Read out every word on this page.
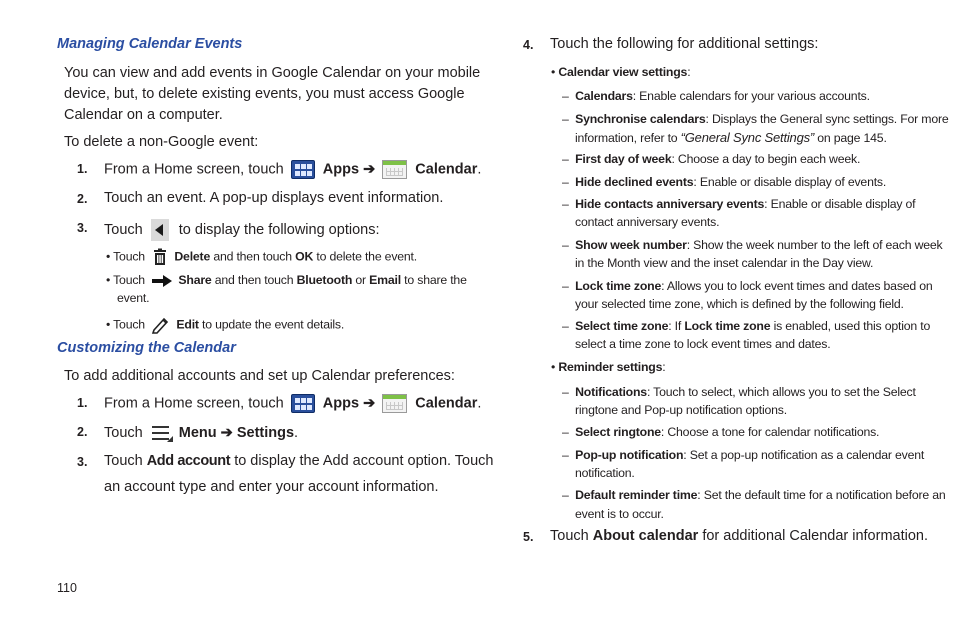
Managing Calendar Events
You can view and add events in Google Calendar on your mobile
device, but, to delete existing events, you must access Google
Calendar on a computer.
To delete a non-Google event:
1. From a Home screen, touch	Apps ➔	Calendar.
2. Touch an event. A pop-up displays event information.
3. Touch to display the following options:
• Touch Delete and then touch OK to delete the event.
• Touch	Share and then touch Bluetooth or Email to share the
event.
• Touch	Edit to update the event details.
Customizing the Calendar
To add additional accounts and set up Calendar preferences:
1. From a Home screen, touch	Apps ➔	Calendar.
2. Touch Menu ➔ Settings.
3. Touch Add account to display the Add account option. Touch
an account type and enter your account information.
4. Touch the following for additional settings:
• Calendar view settings:
– Calendars: Enable calendars for your various accounts.
– Synchronise calendars: Displays the General sync settings. For more
information, refer to “General Sync Settings” on page 145.
– First day of week: Choose a day to begin each week.
– Hide declined events: Enable or disable display of events.
– Hide contacts anniversary events: Enable or disable display of
contact anniversary events.
– Show week number: Show the week number to the left of each week
in the Month view and the inset calendar in the Day view.
– Lock time zone: Allows you to lock event times and dates based on
your selected time zone, which is defined by the following field.
– Select time zone: If Lock time zone is enabled, used this option to
select a time zone to lock event times and dates.
• Reminder settings:
– Notifications: Touch to select, which allows you to set the Select
ringtone and Pop-up notification options.
– Select ringtone: Choose a tone for calendar notifications.
– Pop-up notification: Set a pop-up notification as a calendar event
notification.
– Default reminder time: Set the default time for a notification before an
event is to occur.
5. Touch About calendar for additional Calendar information.
110
